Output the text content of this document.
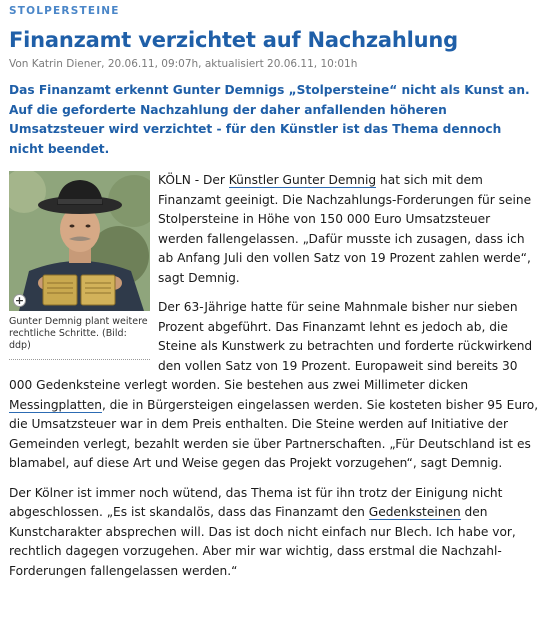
STOLPERSTEINE
Finanzamt verzichtet auf Nachzahlung
Von Katrin Diener, 20.06.11, 09:07h, aktualisiert 20.06.11, 10:01h
Das Finanzamt erkennt Gunter Demnigs „Stolpersteine“ nicht als Kunst an. Auf die geforderte Nachzahlung der daher anfallenden höheren Umsatzsteuer wird verzichtet - für den Künstler ist das Thema dennoch nicht beendet.
+
Gunter Demnig plant weitere rechtliche Schritte. (Bild: ddp)

KÖLN - Der Künstler Gunter Demnig hat sich mit dem Finanzamt geeinigt. Die Nachzahlungs-Forderungen für seine Stolpersteine in Höhe von 150 000 Euro Umsatzsteuer werden fallengelassen. „Dafür musste ich zusagen, dass ich ab Anfang Juli den vollen Satz von 19 Prozent zahlen werde“, sagt Demnig.

Der 63-Jährige hatte für seine Mahnmale bisher nur sieben Prozent abgeführt. Das Finanzamt lehnt es jedoch ab, die Steine als Kunstwerk zu betrachten und forderte rückwirkend den vollen Satz von 19 Prozent. Europaweit sind bereits 30 000 Gedenksteine verlegt worden. Sie bestehen aus zwei Millimeter dicken Messingplatten, die in Bürgersteigen eingelassen werden. Sie kosteten bisher 95 Euro, die Umsatzsteuer war in dem Preis enthalten. Die Steine werden auf Initiative der Gemeinden verlegt, bezahlt werden sie über Partnerschaften. „Für Deutschland ist es blamabel, auf diese Art und Weise gegen das Projekt vorzugehen“, sagt Demnig.

Der Kölner ist immer noch wütend, das Thema ist für ihn trotz der Einigung nicht abgeschlossen. „Es ist skandalös, dass das Finanzamt den Gedenksteinen den Kunstcharakter absprechen will. Das ist doch nicht einfach nur Blech. Ich habe vor, rechtlich dagegen vorzugehen. Aber mir war wichtig, dass erstmal die Nachzahl-Forderungen fallengelassen werden.“
